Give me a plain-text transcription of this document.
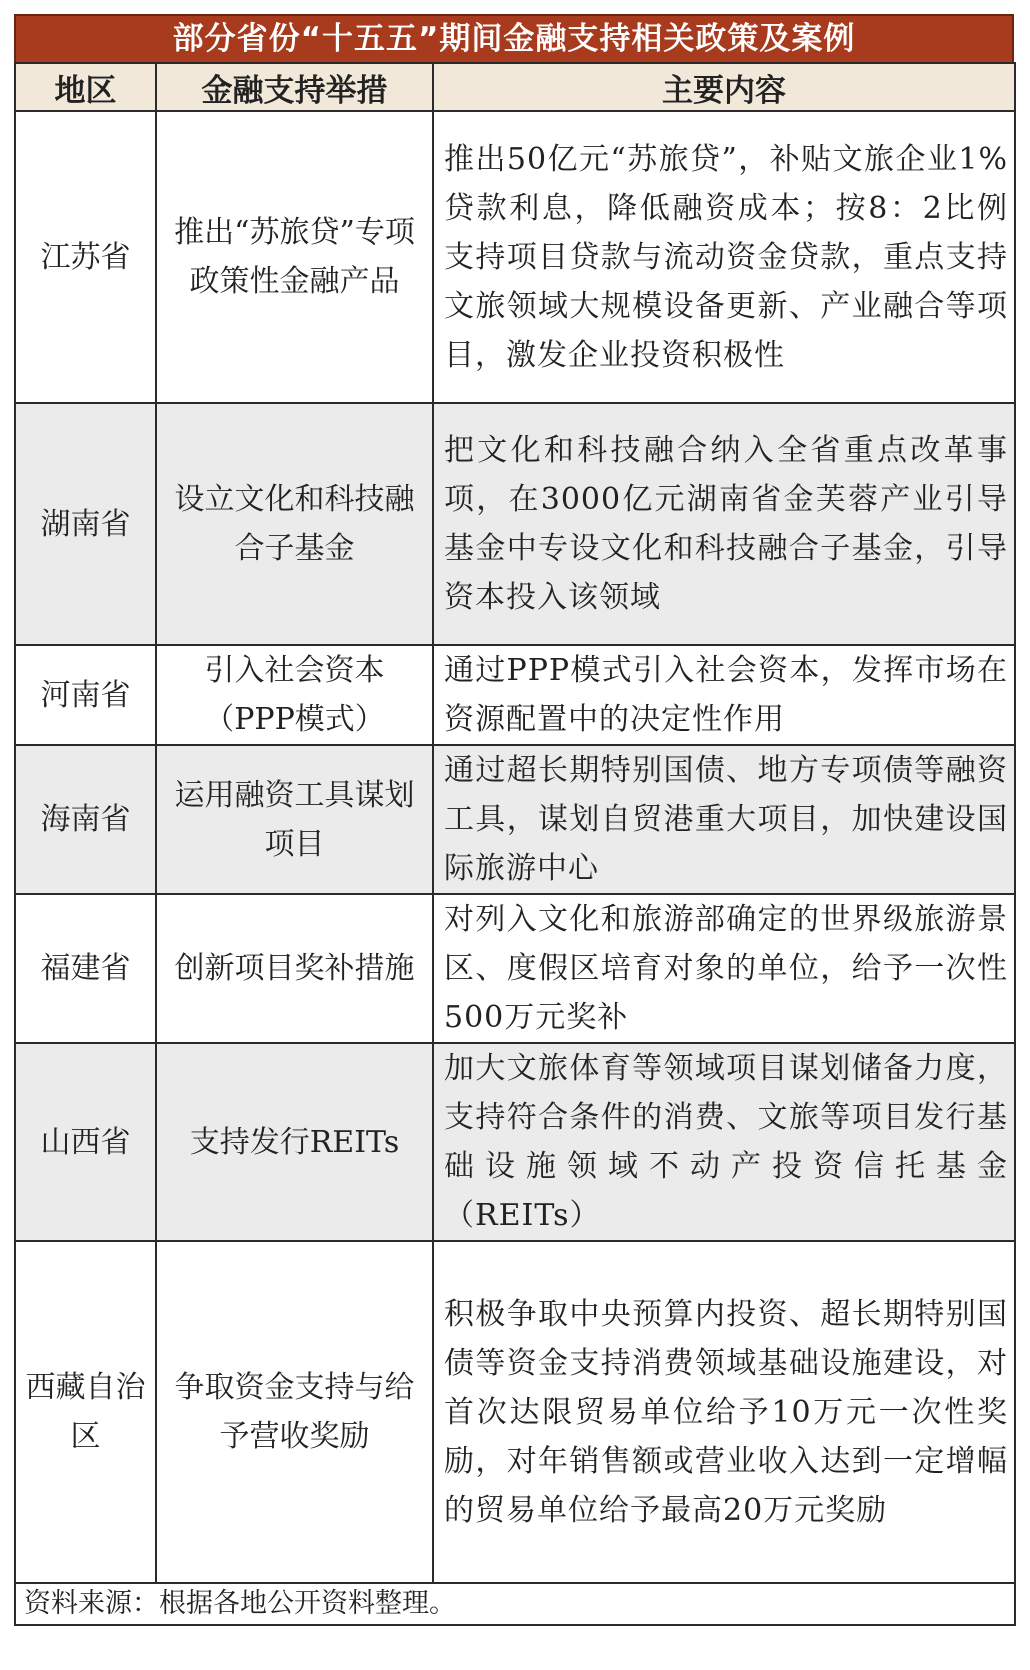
部分省份“十五五”期间金融支持相关政策及案例
地区	金融支持举措	主要内容
江苏省	推出“苏旅贷”专项政策性金融产品	推出50亿元“苏旅贷”，补贴文旅企业1%贷款利息，降低融资成本；按8：2比例支持项目贷款与流动资金贷款，重点支持文旅领域大规模设备更新、产业融合等项目，激发企业投资积极性
湖南省	设立文化和科技融合子基金	把文化和科技融合纳入全省重点改革事项，在3000亿元湖南省金芙蓉产业引导基金中专设文化和科技融合子基金，引导资本投入该领域
河南省	引入社会资本（PPP模式）	通过PPP模式引入社会资本，发挥市场在资源配置中的决定性作用
海南省	运用融资工具谋划项目	通过超长期特别国债、地方专项债等融资工具，谋划自贸港重大项目，加快建设国际旅游中心
福建省	创新项目奖补措施	对列入文化和旅游部确定的世界级旅游景区、度假区培育对象的单位，给予一次性500万元奖补
山西省	支持发行REITs	加大文旅体育等领域项目谋划储备力度，支持符合条件的消费、文旅等项目发行基础设施领域不动产投资信托基金（REITs）
西藏自治区	争取资金支持与给予营收奖励	积极争取中央预算内投资、超长期特别国债等资金支持消费领域基础设施建设，对首次达限贸易单位给予10万元一次性奖励，对年销售额或营业收入达到一定增幅的贸易单位给予最高20万元奖励
资料来源：根据各地公开资料整理。		
